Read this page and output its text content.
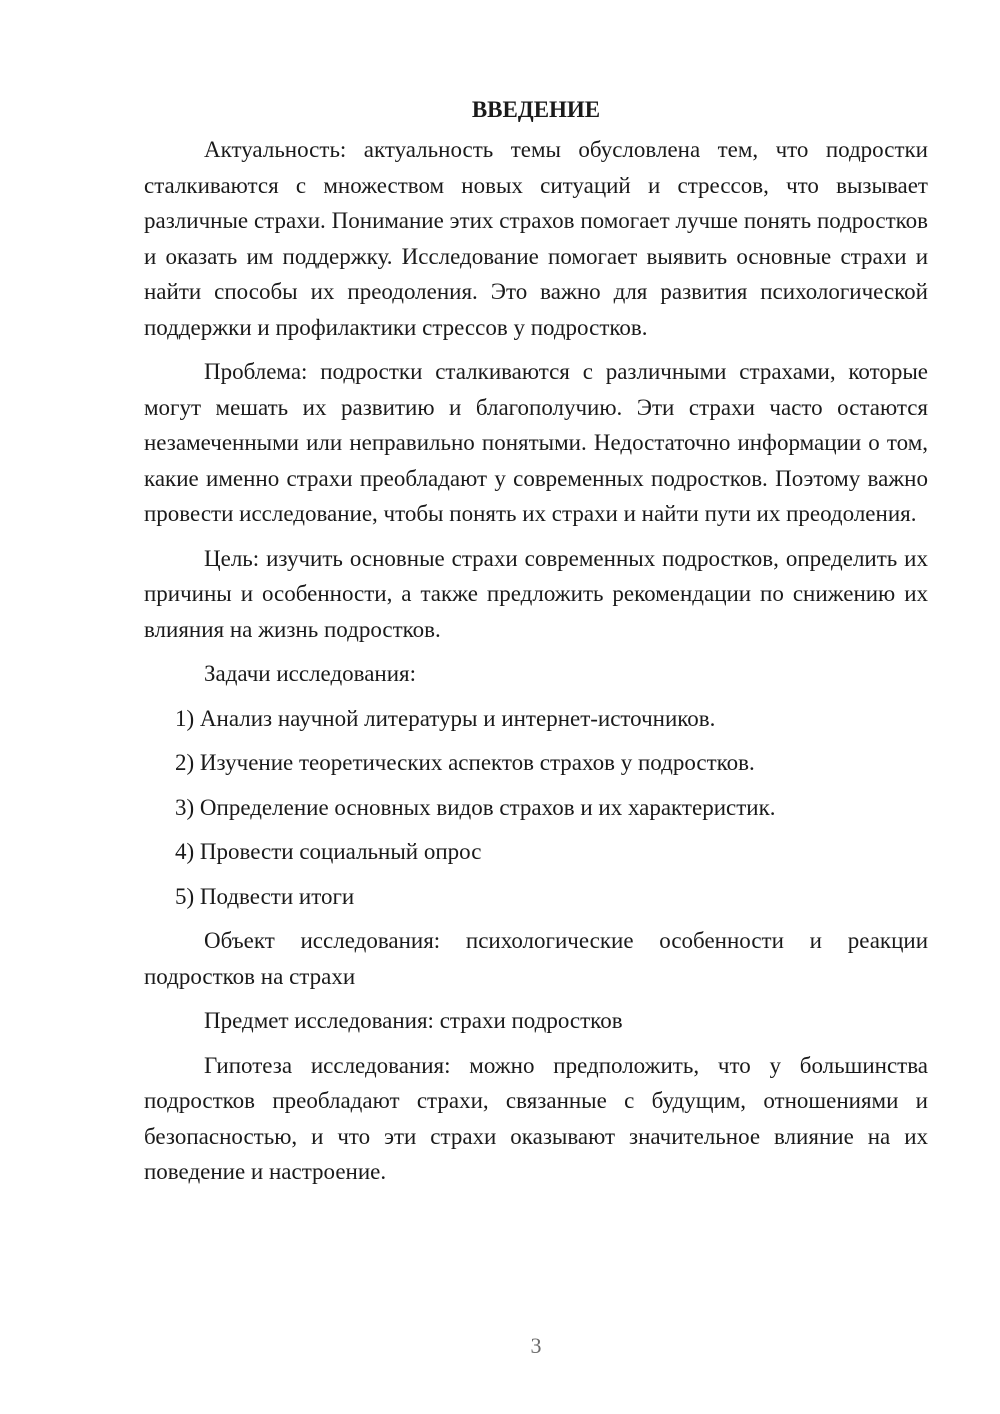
ВВЕДЕНИЕ

Актуальность: актуальность темы обусловлена тем, что подростки сталкиваются с множеством новых ситуаций и стрессов, что вызывает различные страхи. Понимание этих страхов помогает лучше понять подростков и оказать им поддержку. Исследование помогает выявить основные страхи и найти способы их преодоления. Это важно для развития психологической поддержки и профилактики стрессов у подростков.

Проблема: подростки сталкиваются с различными страхами, которые могут мешать их развитию и благополучию. Эти страхи часто остаются незамеченными или неправильно понятыми. Недостаточно информации о том, какие именно страхи преобладают у современных подростков. Поэтому важно провести исследование, чтобы понять их страхи и найти пути их преодоления.

Цель: изучить основные страхи современных подростков, определить их причины и особенности, а также предложить рекомендации по снижению их влияния на жизнь подростков.

Задачи исследования:

1) Анализ научной литературы и интернет-источников.
2) Изучение теоретических аспектов страхов у подростков.
3) Определение основных видов страхов и их характеристик.
4) Провести социальный опрос
5) Подвести итоги

Объект исследования: психологические особенности и реакции подростков на страхи

Предмет исследования: страхи подростков

Гипотеза исследования: можно предположить, что у большинства подростков преобладают страхи, связанные с будущим, отношениями и безопасностью, и что эти страхи оказывают значительное влияние на их поведение и настроение.

3
